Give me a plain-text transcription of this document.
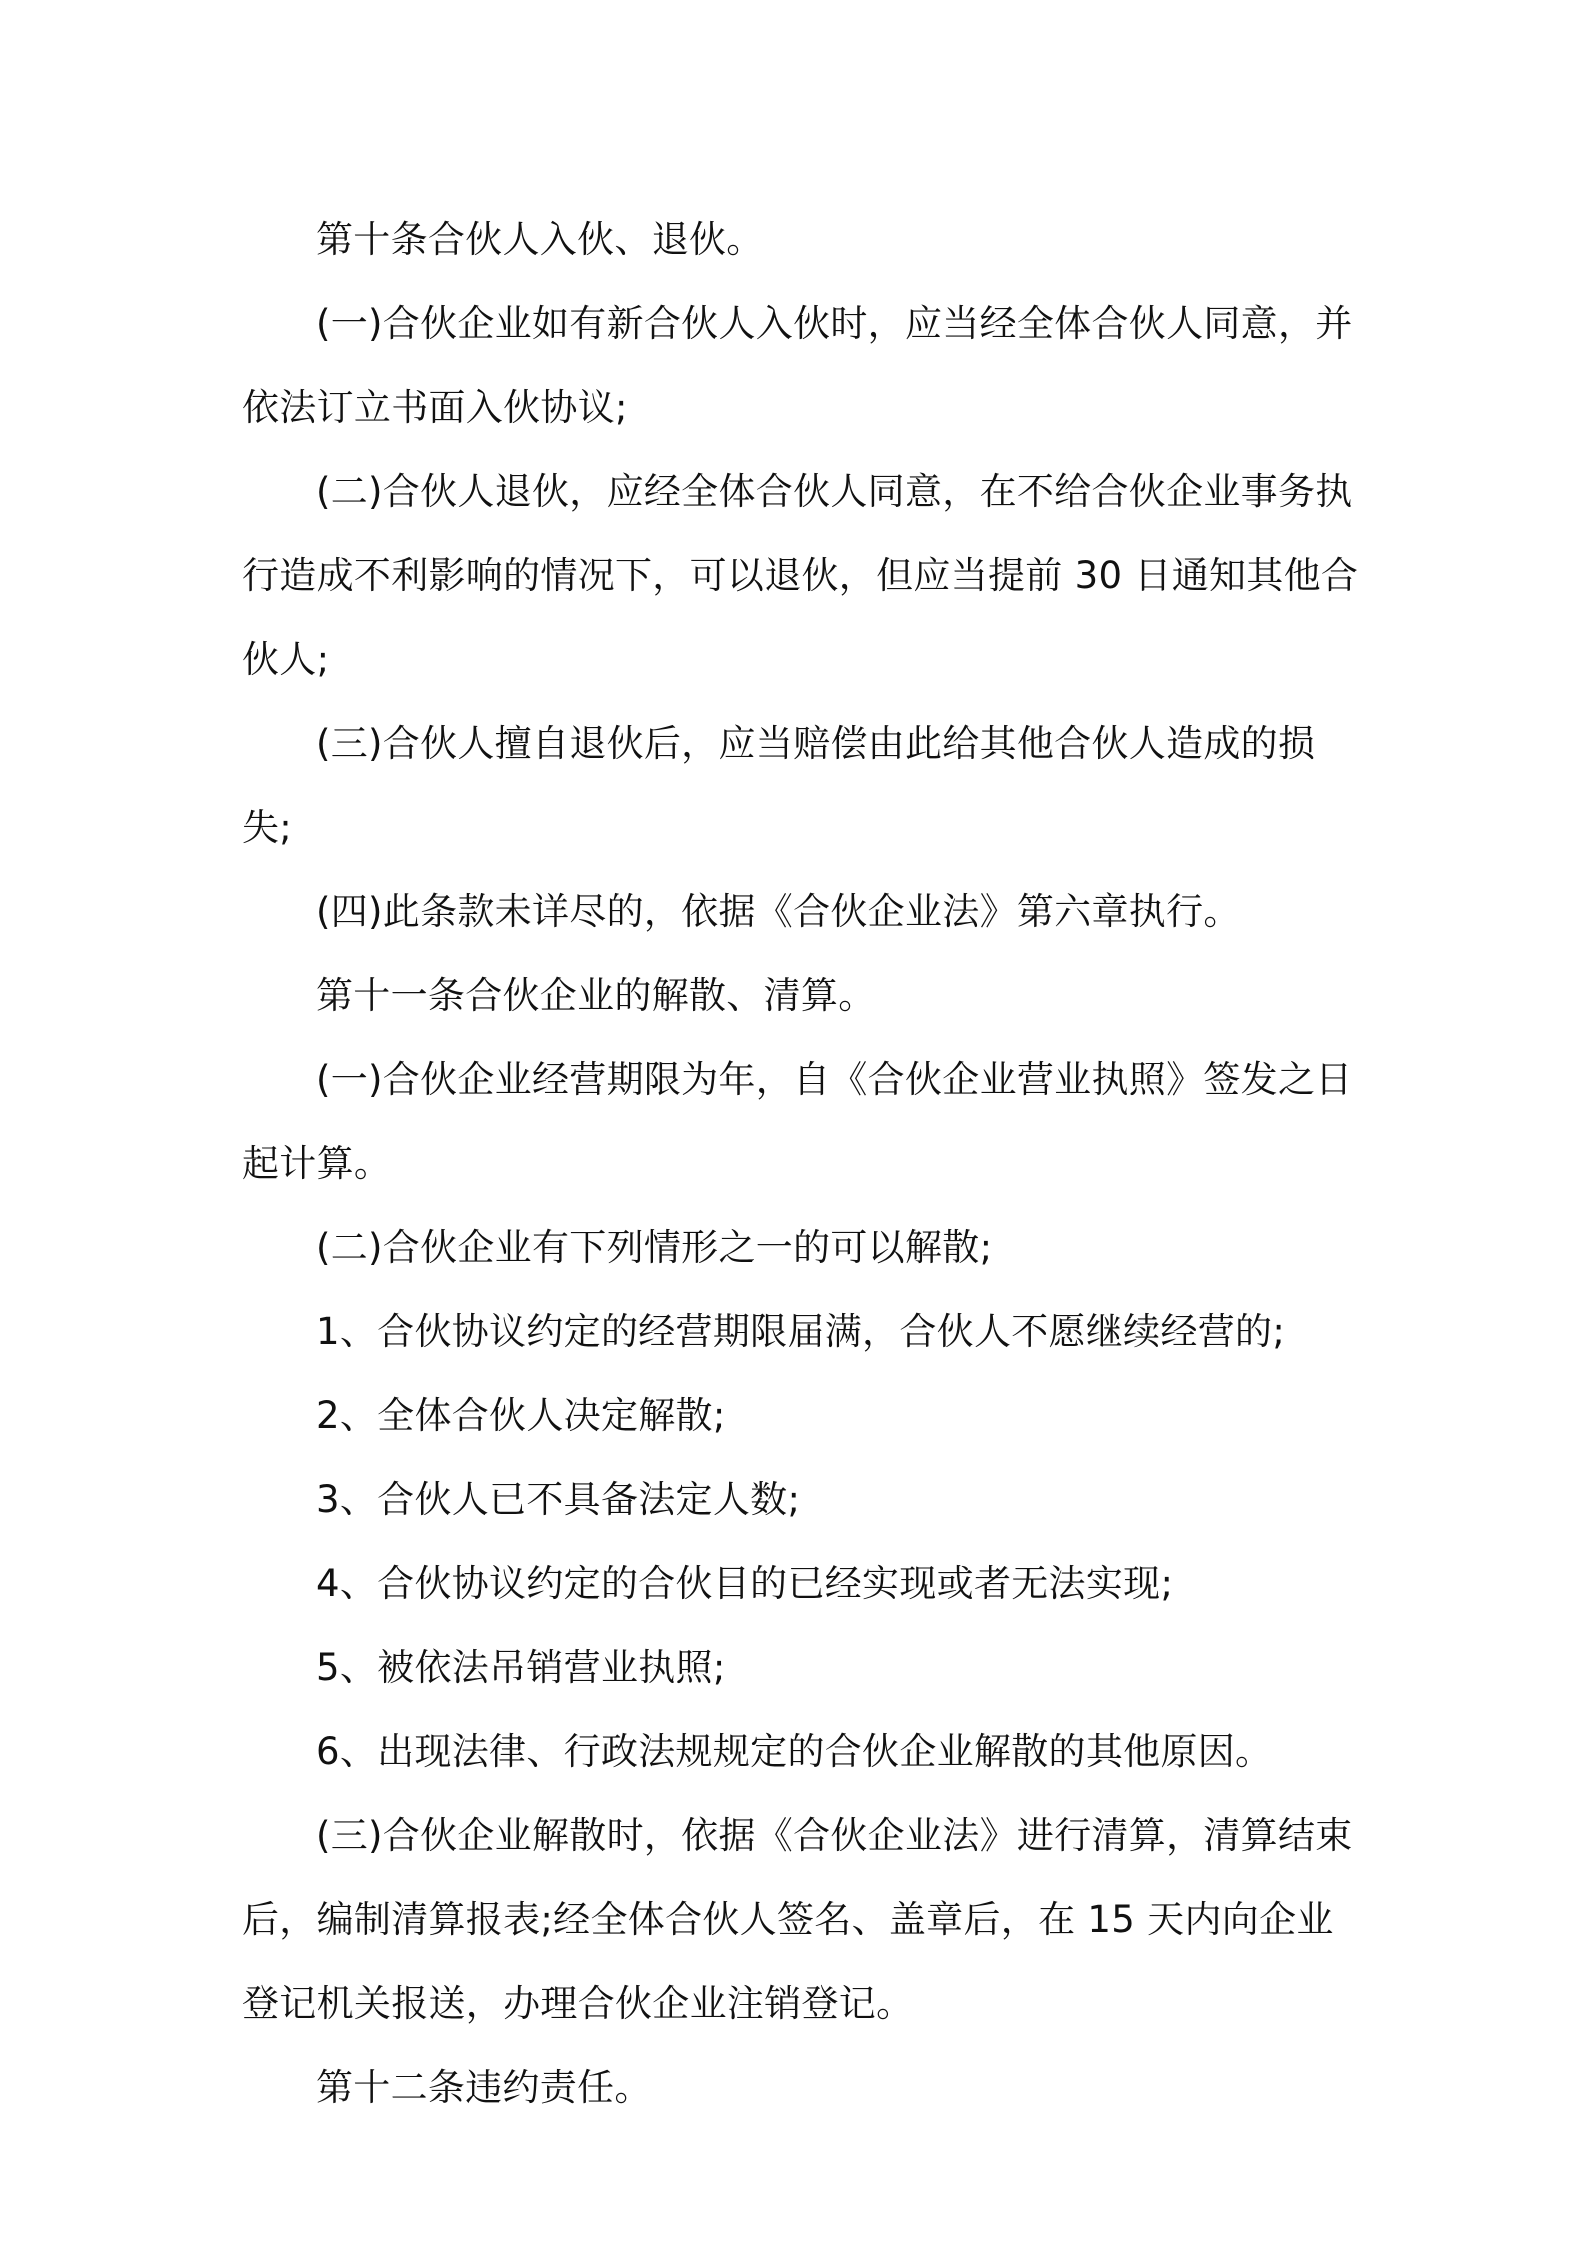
第十条合伙人入伙、退伙。

(一)合伙企业如有新合伙人入伙时，应当经全体合伙人同意，并依法订立书面入伙协议;

(二)合伙人退伙，应经全体合伙人同意，在不给合伙企业事务执行造成不利影响的情况下，可以退伙，但应当提前 30 日通知其他合伙人;

(三)合伙人擅自退伙后，应当赔偿由此给其他合伙人造成的损失;

(四)此条款未详尽的，依据《合伙企业法》第六章执行。

第十一条合伙企业的解散、清算。

(一)合伙企业经营期限为年，自《合伙企业营业执照》签发之日起计算。

(二)合伙企业有下列情形之一的可以解散;

1、合伙协议约定的经营期限届满，合伙人不愿继续经营的;

2、全体合伙人决定解散;

3、合伙人已不具备法定人数;

4、合伙协议约定的合伙目的已经实现或者无法实现;

5、被依法吊销营业执照;

6、出现法律、行政法规规定的合伙企业解散的其他原因。

(三)合伙企业解散时，依据《合伙企业法》进行清算，清算结束后，编制清算报表;经全体合伙人签名、盖章后，在 15 天内向企业登记机关报送，办理合伙企业注销登记。

第十二条违约责任。
